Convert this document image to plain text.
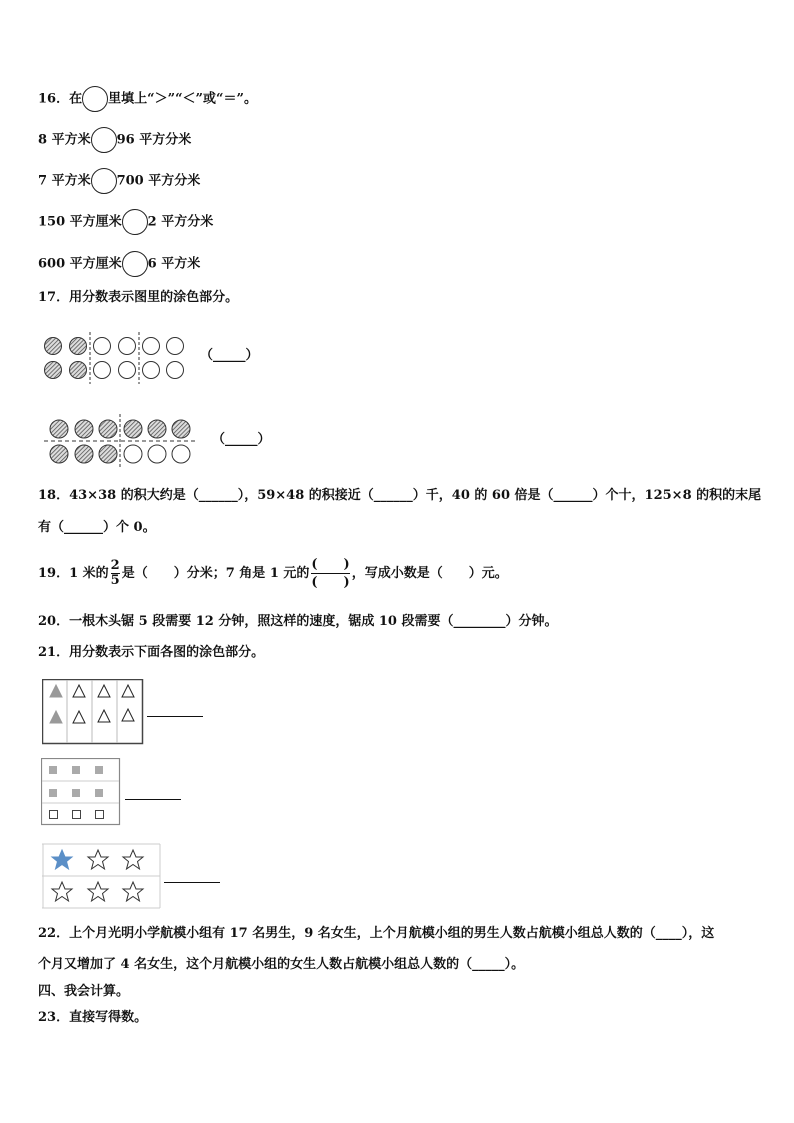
16．在 里填上“＞”“＜”或“＝”。
8 平方米 96 平方分米
7 平方米 700 平方分米
150 平方厘米 2 平方分米
600 平方厘米 6 平方米
17．用分数表示图里的涂色部分。
（_____）
（_____）
18．43×38 的积大约是（______），59×48 的积接近（______）千，40 的 60 倍是（______）个十，125×8 的积的末尾
有（______）个 0。
19．1 米的 $\frac{2}{5}$ 是（　　）分米；7 角是 1 元的 $\frac{( )}{( )}$ ，写成小数是（　　）元。
20．一根木头锯 5 段需要 12 分钟，照这样的速度，锯成 10 段需要（________）分钟。
21．用分数表示下面各图的涂色部分。
22．上个月光明小学航模小组有 17 名男生，9 名女生，上个月航模小组的男生人数占航模小组总人数的（____），这
个月又增加了 4 名女生，这个月航模小组的女生人数占航模小组总人数的（_____）。
四、我会计算。
23．直接写得数。
